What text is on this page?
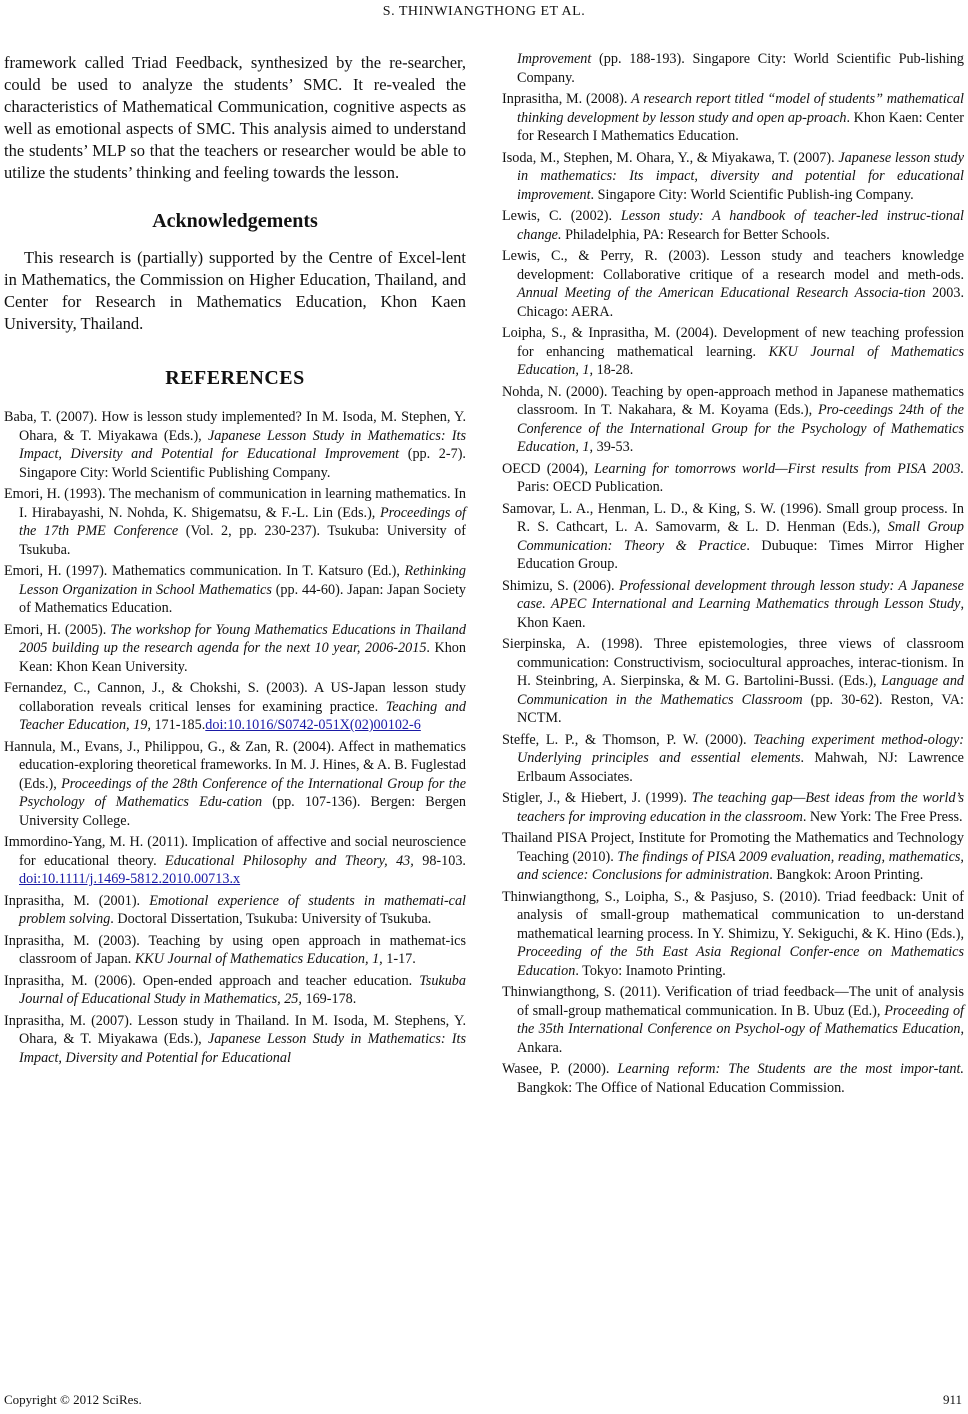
S. THINWIANGTHONG ET AL.

framework called Triad Feedback, synthesized by the re-searcher, could be used to analyze the students’ SMC. It re-vealed the characteristics of Mathematical Communication, cognitive aspects as well as emotional aspects of SMC. This analysis aimed to understand the students’ MLP so that the teachers or researcher would be able to utilize the students’ thinking and feeling towards the lesson.

Acknowledgements

This research is (partially) supported by the Centre of Excel-lent in Mathematics, the Commission on Higher Education, Thailand, and Center for Research in Mathematics Education, Khon Kaen University, Thailand.

REFERENCES

Baba, T. (2007). How is lesson study implemented? In M. Isoda, M. Stephen, Y. Ohara, & T. Miyakawa (Eds.), Japanese Lesson Study in Mathematics: Its Impact, Diversity and Potential for Educational Improvement (pp. 2-7). Singapore City: World Scientific Publishing Company.

Emori, H. (1993). The mechanism of communication in learning mathematics. In I. Hirabayashi, N. Nohda, K. Shigematsu, & F.-L. Lin (Eds.), Proceedings of the 17th PME Conference (Vol. 2, pp. 230-237). Tsukuba: University of Tsukuba.

Emori, H. (1997). Mathematics communication. In T. Katsuro (Ed.), Rethinking Lesson Organization in School Mathematics (pp. 44-60). Japan: Japan Society of Mathematics Education.

Emori, H. (2005). The workshop for Young Mathematics Educations in Thailand 2005 building up the research agenda for the next 10 year, 2006-2015. Khon Kean: Khon Kean University.

Fernandez, C., Cannon, J., & Chokshi, S. (2003). A US-Japan lesson study collaboration reveals critical lenses for examining practice. Teaching and Teacher Education, 19, 171-185.doi:10.1016/S0742-051X(02)00102-6

Hannula, M., Evans, J., Philippou, G., & Zan, R. (2004). Affect in mathematics education-exploring theoretical frameworks. In M. J. Hines, & A. B. Fuglestad (Eds.), Proceedings of the 28th Conference of the International Group for the Psychology of Mathematics Edu-cation (pp. 107-136). Bergen: Bergen University College.

Immordino-Yang, M. H. (2011). Implication of affective and social neuroscience for educational theory. Educational Philosophy and Theory, 43, 98-103. doi:10.1111/j.1469-5812.2010.00713.x

Inprasitha, M. (2001). Emotional experience of students in mathemati-cal problem solving. Doctoral Dissertation, Tsukuba: University of Tsukuba.

Inprasitha, M. (2003). Teaching by using open approach in mathemat-ics classroom of Japan. KKU Journal of Mathematics Education, 1, 1-17.

Inprasitha, M. (2006). Open-ended approach and teacher education. Tsukuba Journal of Educational Study in Mathematics, 25, 169-178.

Inprasitha, M. (2007). Lesson study in Thailand. In M. Isoda, M. Stephens, Y. Ohara, & T. Miyakawa (Eds.), Japanese Lesson Study in Mathematics: Its Impact, Diversity and Potential for Educational

Improvement (pp. 188-193). Singapore City: World Scientific Pub-lishing Company.

Inprasitha, M. (2008). A research report titled “model of students” mathematical thinking development by lesson study and open ap-proach. Khon Kaen: Center for Research I Mathematics Education.

Isoda, M., Stephen, M. Ohara, Y., & Miyakawa, T. (2007). Japanese lesson study in mathematics: Its impact, diversity and potential for educational improvement. Singapore City: World Scientific Publish-ing Company.

Lewis, C. (2002). Lesson study: A handbook of teacher-led instruc-tional change. Philadelphia, PA: Research for Better Schools.

Lewis, C., & Perry, R. (2003). Lesson study and teachers knowledge development: Collaborative critique of a research model and meth-ods. Annual Meeting of the American Educational Research Associa-tion 2003. Chicago: AERA.

Loipha, S., & Inprasitha, M. (2004). Development of new teaching profession for enhancing mathematical learning. KKU Journal of Mathematics Education, 1, 18-28.

Nohda, N. (2000). Teaching by open-approach method in Japanese mathematics classroom. In T. Nakahara, & M. Koyama (Eds.), Pro-ceedings 24th of the Conference of the International Group for the Psychology of Mathematics Education, 1, 39-53.

OECD (2004), Learning for tomorrows world—First results from PISA 2003. Paris: OECD Publication.

Samovar, L. A., Henman, L. D., & King, S. W. (1996). Small group process. In R. S. Cathcart, L. A. Samovarm, & L. D. Henman (Eds.), Small Group Communication: Theory & Practice. Dubuque: Times Mirror Higher Education Group.

Shimizu, S. (2006). Professional development through lesson study: A Japanese case. APEC International and Learning Mathematics through Lesson Study, Khon Kaen.

Sierpinska, A. (1998). Three epistemologies, three views of classroom communication: Constructivism, sociocultural approaches, interac-tionism. In H. Steinbring, A. Sierpinska, & M. G. Bartolini-Bussi. (Eds.), Language and Communication in the Mathematics Classroom (pp. 30-62). Reston, VA: NCTM.

Steffe, L. P., & Thomson, P. W. (2000). Teaching experiment method-ology: Underlying principles and essential elements. Mahwah, NJ: Lawrence Erlbaum Associates.

Stigler, J., & Hiebert, J. (1999). The teaching gap—Best ideas from the world’s teachers for improving education in the classroom. New York: The Free Press.

Thailand PISA Project, Institute for Promoting the Mathematics and Technology Teaching (2010). The findings of PISA 2009 evaluation, reading, mathematics, and science: Conclusions for administration. Bangkok: Aroon Printing.

Thinwiangthong, S., Loipha, S., & Pasjuso, S. (2010). Triad feedback: Unit of analysis of small-group mathematical communication to un-derstand mathematical learning process. In Y. Shimizu, Y. Sekiguchi, & K. Hino (Eds.), Proceeding of the 5th East Asia Regional Confer-ence on Mathematics Education. Tokyo: Inamoto Printing.

Thinwiangthong, S. (2011). Verification of triad feedback—The unit of analysis of small-group mathematical communication. In B. Ubuz (Ed.), Proceeding of the 35th International Conference on Psychol-ogy of Mathematics Education, Ankara.

Wasee, P. (2000). Learning reform: The Students are the most impor-tant. Bangkok: The Office of National Education Commission.

Copyright © 2012 SciRes.	911
